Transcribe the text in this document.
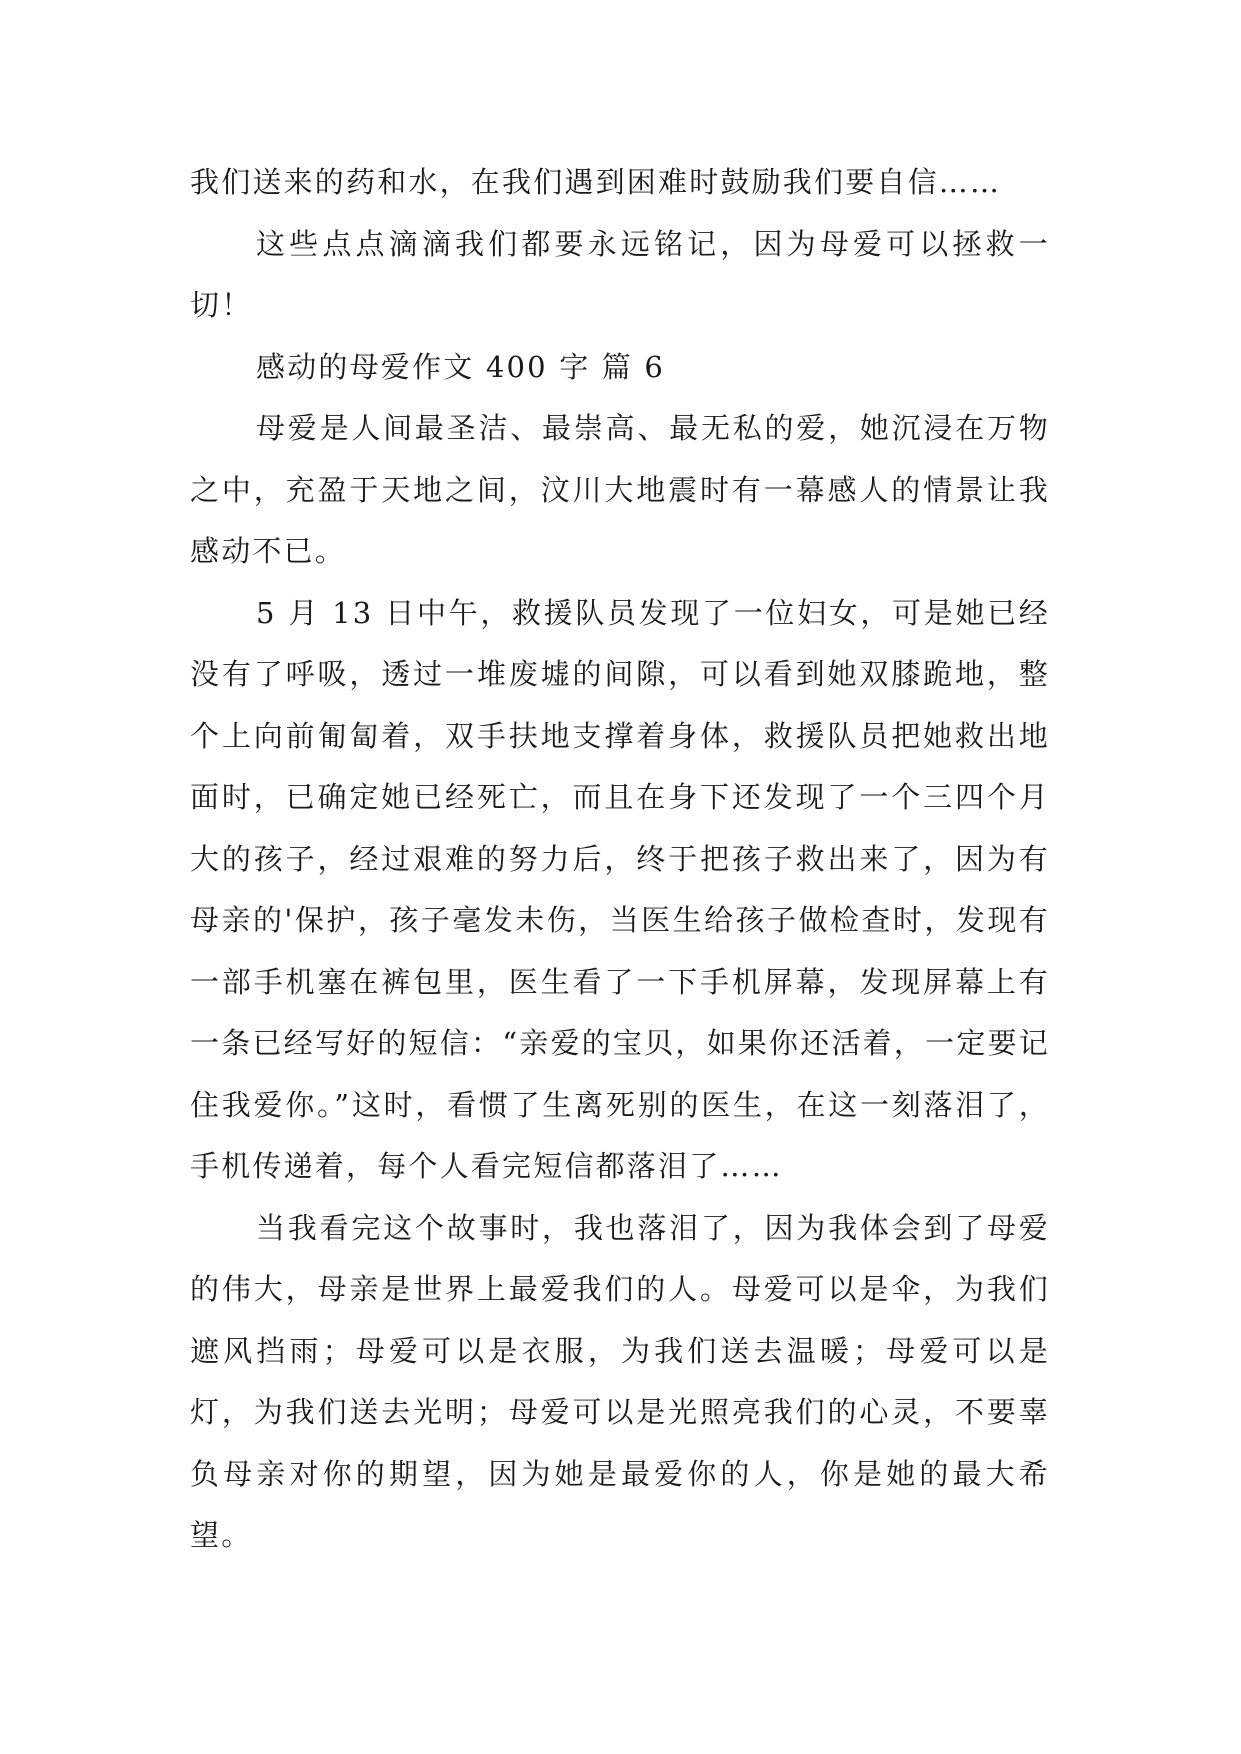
我们送来的药和水，在我们遇到困难时鼓励我们要自信……

这些点点滴滴我们都要永远铭记，因为母爱可以拯救一切！

感动的母爱作文 400 字 篇 6

母爱是人间最圣洁、最崇高、最无私的爱，她沉浸在万物之中，充盈于天地之间，汶川大地震时有一幕感人的情景让我感动不已。

5 月 13 日中午，救援队员发现了一位妇女，可是她已经没有了呼吸，透过一堆废墟的间隙，可以看到她双膝跪地，整个上向前匍匐着，双手扶地支撑着身体，救援队员把她救出地面时，已确定她已经死亡，而且在身下还发现了一个三四个月大的孩子，经过艰难的努力后，终于把孩子救出来了，因为有母亲的'保护，孩子毫发未伤，当医生给孩子做检查时，发现有一部手机塞在裤包里，医生看了一下手机屏幕，发现屏幕上有一条已经写好的短信：“亲爱的宝贝，如果你还活着，一定要记住我爱你。”这时，看惯了生离死别的医生，在这一刻落泪了，手机传递着，每个人看完短信都落泪了……

当我看完这个故事时，我也落泪了，因为我体会到了母爱的伟大，母亲是世界上最爱我们的人。母爱可以是伞，为我们遮风挡雨；母爱可以是衣服，为我们送去温暖；母爱可以是灯，为我们送去光明；母爱可以是光照亮我们的心灵，不要辜负母亲对你的期望，因为她是最爱你的人，你是她的最大希望。
